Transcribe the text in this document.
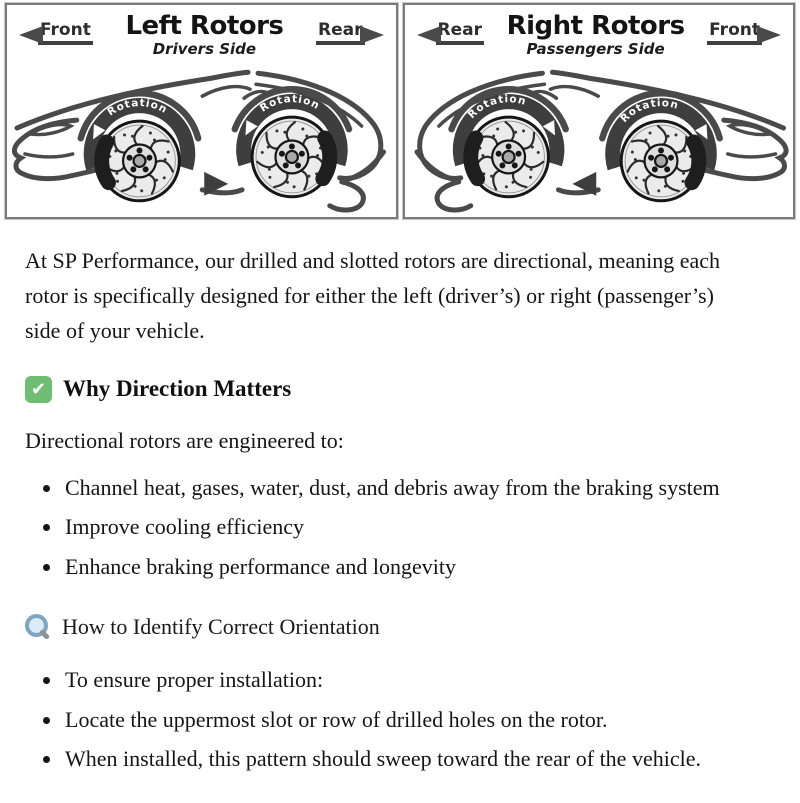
Front Left Rotors
Drivers Side
Rear
Rotation	Rotation
Rear Right Rotors
Passengers Side
Front
Rotation
Rotation

At SP Performance, our drilled and slotted rotors are directional, meaning each rotor is specifically designed for either the left (driver’s) or right (passenger’s) side of your vehicle.

✔
Why Direction Matters

Directional rotors are engineered to:

• Channel heat, gases, water, dust, and debris away from the braking system
• Improve cooling efficiency
• Enhance braking performance and longevity
How to Identify Correct Orientation
• To ensure proper installation:
• Locate the uppermost slot or row of drilled holes on the rotor.
• When installed, this pattern should sweep toward the rear of the vehicle.
